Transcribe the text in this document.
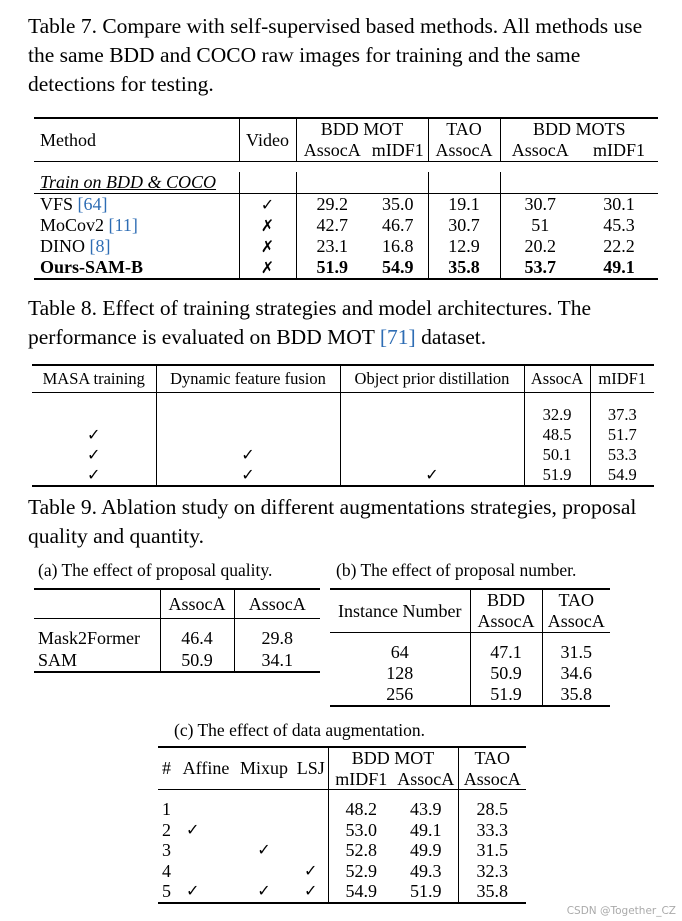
Table 7. Compare with self-supervised based methods. All methods use the same BDD and COCO raw images for training and the same detections for testing.

Method	Video	BDD MOT		TAO	BDD MOTS	
		AssocA	mIDF1	AssocA	AssocA	mIDF1

Train on BDD & COCO						
VFS [64]	✓	29.2	35.0	19.1	30.7	30.1
MoCov2 [11]	✗	42.7	46.7	30.7	51	45.3
DINO [8]	✗	23.1	16.8	12.9	20.2	22.2
Ours-SAM-B	✗	51.9	54.9	35.8	53.7	49.1

Table 8. Effect of training strategies and model architectures. The performance is evaluated on BDD MOT [71] dataset.

MASA training	Dynamic feature fusion	Object prior distillation	AssocA	mIDF1

			32.9	37.3
✓			48.5	51.7
✓	✓		50.1	53.3
✓	✓	✓	51.9	54.9

Table 9. Ablation study on different augmentations strategies, proposal quality and quantity.

(a) The effect of proposal quality.	(b) The effect of proposal number.
	AssocA	AssocA
Mask2Former	46.4	29.8
SAM	50.9	34.1
Instance Number	BDD	TAO
	AssocA	AssocA

64	47.1	31.5
128	50.9	34.6
256	51.9	35.8
(c) The effect of data augmentation.
#	Affine	Mixup	LSJ	BDD MOT		TAO
				mIDF1	AssocA	AssocA

1				48.2	43.9	28.5
2	✓			53.0	49.1	33.3
3		✓		52.8	49.9	31.5
4			✓	52.9	49.3	32.3
5	✓	✓	✓	54.9	51.9	35.8
CSDN @Together_CZ
